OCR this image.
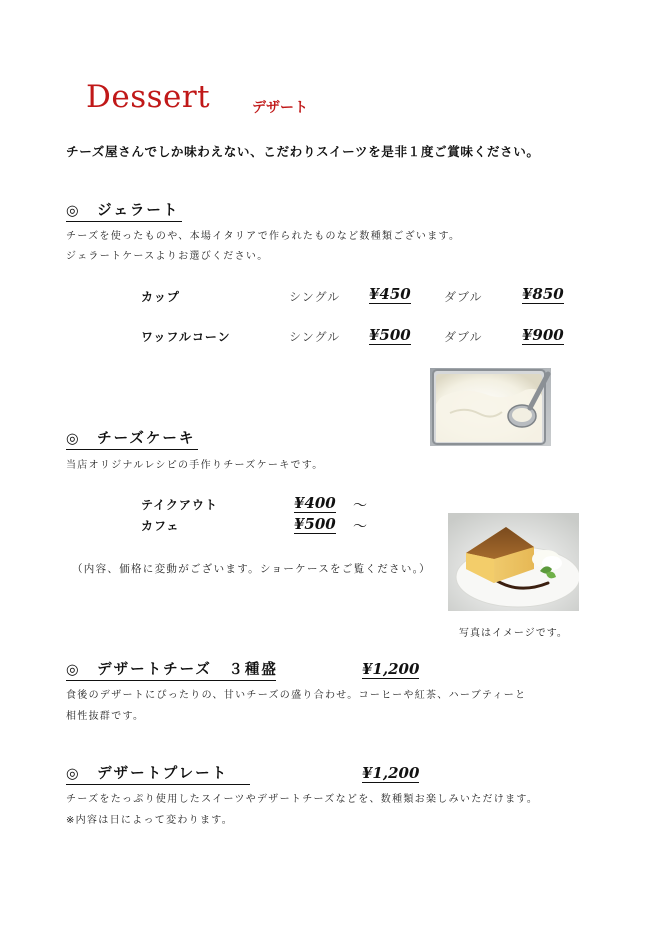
Dessert	デザート
チーズ屋さんでしか味わえない、こだわりスイーツを是非１度ご賞味ください。
◎　ジェラート
チーズを使ったものや、本場イタリアで作られたものなど数種類ございます。
ジェラートケースよりお選びください。
カップ	シングル ¥450	ダブル	¥850
ワッフルコーン	シングル ¥500	ダブル	¥900
◎　チーズケーキ
当店オリジナルレシピの手作りチーズケーキです。
テイクアウト	¥400 〜
カフェ	¥500 〜
（内容、価格に変動がございます。ショーケースをご覧ください。）
写真はイメージです。
◎　デザートチーズ　３種盛	¥1,200
食後のデザートにぴったりの、甘いチーズの盛り合わせ。コーヒーや紅茶、ハーブティーと
相性抜群です。
◎　デザートプレート	¥1,200
チーズをたっぷり使用したスイーツやデザートチーズなどを、数種類お楽しみいただけます。
※内容は日によって変わります。
